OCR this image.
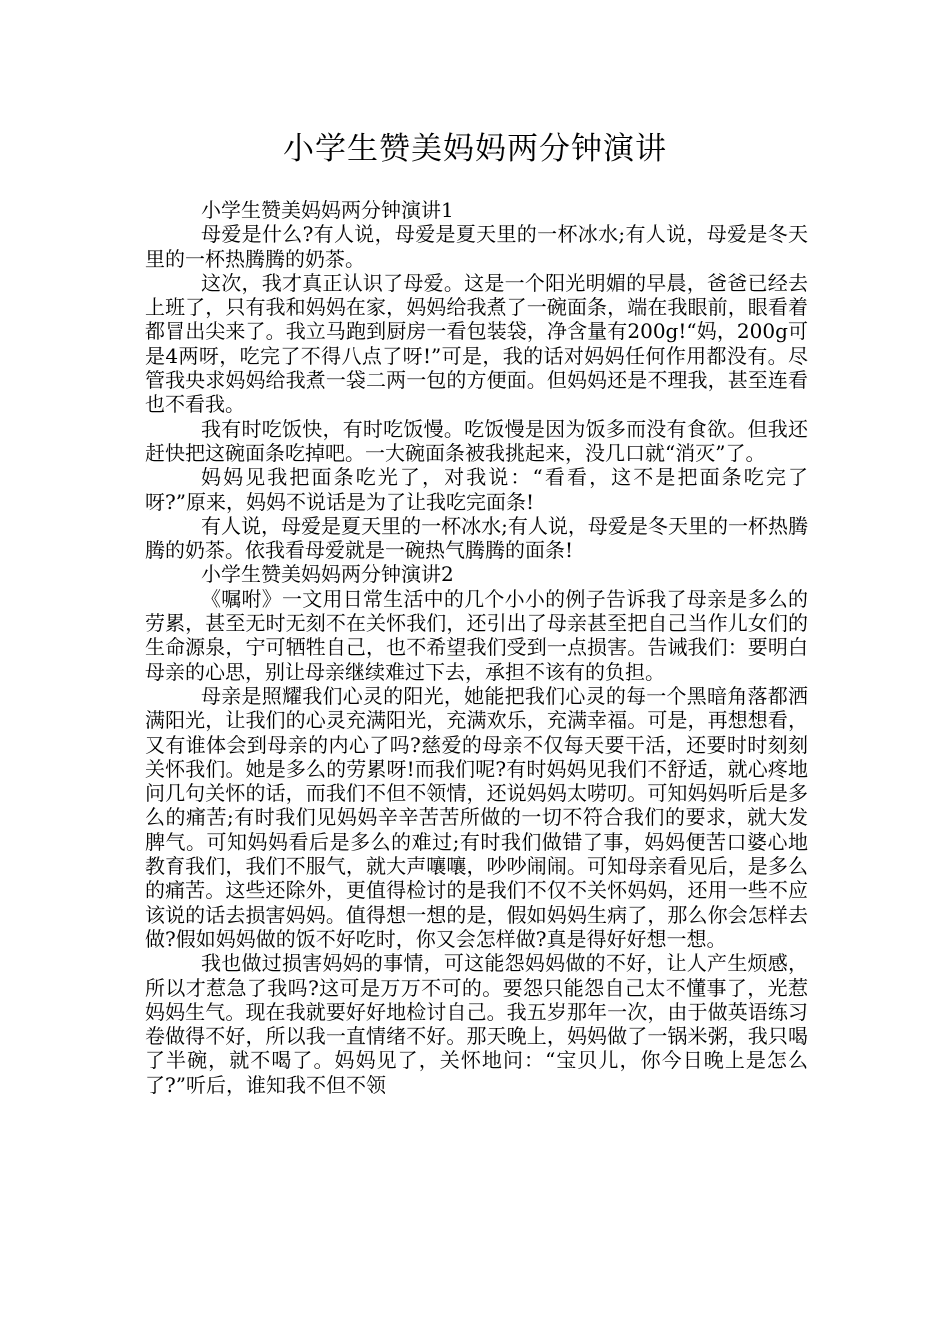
小学生赞美妈妈两分钟演讲

小学生赞美妈妈两分钟演讲1

母爱是什么?有人说，母爱是夏天里的一杯冰水;有人说，母爱是冬天里的一杯热腾腾的奶茶。

这次，我才真正认识了母爱。这是一个阳光明媚的早晨，爸爸已经去上班了，只有我和妈妈在家，妈妈给我煮了一碗面条，端在我眼前，眼看着都冒出尖来了。我立马跑到厨房一看包装袋，净含量有200g!“妈，200g可是4两呀，吃完了不得八点了呀!”可是，我的话对妈妈任何作用都没有。尽管我央求妈妈给我煮一袋二两一包的方便面。但妈妈还是不理我，甚至连看也不看我。

我有时吃饭快，有时吃饭慢。吃饭慢是因为饭多而没有食欲。但我还赶快把这碗面条吃掉吧。一大碗面条被我挑起来，没几口就“消灭”了。

妈妈见我把面条吃光了，对我说：“看看，这不是把面条吃完了呀?”原来，妈妈不说话是为了让我吃完面条!

有人说，母爱是夏天里的一杯冰水;有人说，母爱是冬天里的一杯热腾腾的奶茶。依我看母爱就是一碗热气腾腾的面条!

小学生赞美妈妈两分钟演讲2

《嘱咐》一文用日常生活中的几个小小的例子告诉我了母亲是多么的劳累，甚至无时无刻不在关怀我们，还引出了母亲甚至把自己当作儿女们的生命源泉，宁可牺牲自己，也不希望我们受到一点损害。告诫我们：要明白母亲的心思，别让母亲继续难过下去，承担不该有的负担。

母亲是照耀我们心灵的阳光，她能把我们心灵的每一个黑暗角落都洒满阳光，让我们的心灵充满阳光，充满欢乐，充满幸福。可是，再想想看，又有谁体会到母亲的内心了吗?慈爱的母亲不仅每天要干活，还要时时刻刻关怀我们。她是多么的劳累呀!而我们呢?有时妈妈见我们不舒适，就心疼地问几句关怀的话，而我们不但不领情，还说妈妈太唠叨。可知妈妈听后是多么的痛苦;有时我们见妈妈辛辛苦苦所做的一切不符合我们的要求，就大发脾气。可知妈妈看后是多么的难过;有时我们做错了事，妈妈便苦口婆心地教育我们，我们不服气，就大声嚷嚷，吵吵闹闹。可知母亲看见后，是多么的痛苦。这些还除外，更值得检讨的是我们不仅不关怀妈妈，还用一些不应该说的话去损害妈妈。值得想一想的是，假如妈妈生病了，那么你会怎样去做?假如妈妈做的饭不好吃时，你又会怎样做?真是得好好想一想。

我也做过损害妈妈的事情，可这能怨妈妈做的不好，让人产生烦感，所以才惹急了我吗?这可是万万不可的。要怨只能怨自己太不懂事了，光惹妈妈生气。现在我就要好好地检讨自己。我五岁那年一次，由于做英语练习卷做得不好，所以我一直情绪不好。那天晚上，妈妈做了一锅米粥，我只喝了半碗，就不喝了。妈妈见了，关怀地问：“宝贝儿，你今日晚上是怎么了?”听后，谁知我不但不领
